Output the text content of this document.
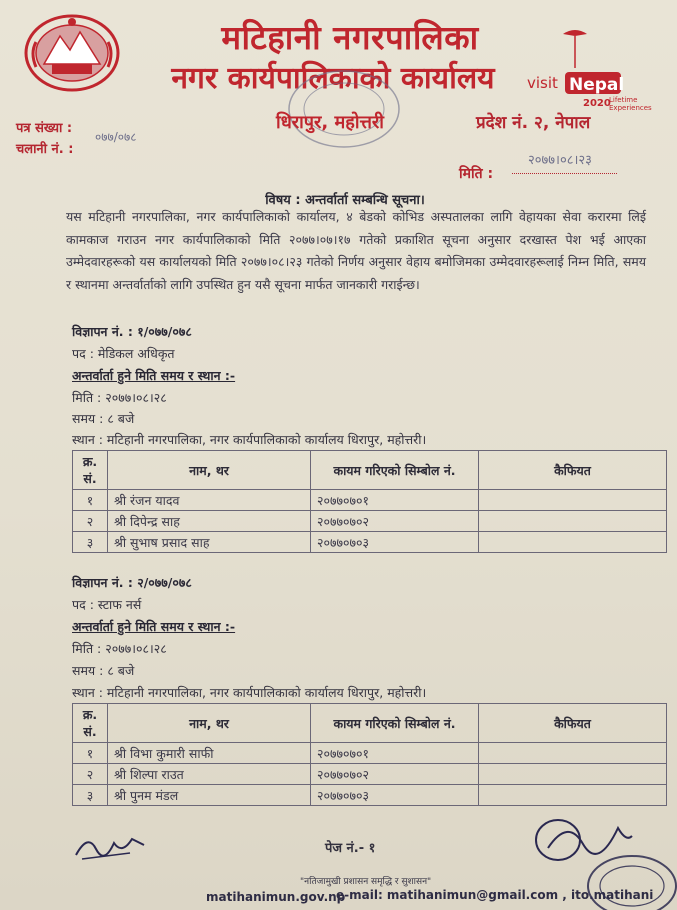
मटिहानी नगरपालिका
नगर कार्यपालिकाको कार्यालय
धिरापुर, महोत्तरी
visit Nepal
2020
Lifetime
Experiences
पत्र संख्या :
०७७/०७८
चलानी नं. :
प्रदेश नं. २, नेपाल
मिति :
२०७७।०८।२३
विषय : अन्तर्वार्ता सम्बन्धि सूचना।
यस मटिहानी नगरपालिका, नगर कार्यपालिकाको कार्यालय, ४ बेडको कोभिड अस्पतालका लागि वेहायका सेवा करारमा लिई कामकाज गराउन नगर कार्यपालिकाको मिति २०७७।०७।१७ गतेको प्रकाशित सूचना अनुसार दरखास्त पेश भई आएका उम्मेदवारहरूको यस कार्यालयको मिति २०७७।०८।२३ गतेको निर्णय अनुसार वेहाय बमोजिमका उम्मेदवारहरूलाई निम्न मिति, समय र स्थानमा अन्तर्वार्ताको लागि उपस्थित हुन यसै सूचना मार्फत जानकारी गराईन्छ।
विज्ञापन नं. : १/०७७/०७८
पद : मेडिकल अधिकृत
अन्तर्वार्ता हुने मिति समय र स्थान :-
मिति : २०७७।०८।२८
समय : ८ बजे
स्थान : मटिहानी नगरपालिका, नगर कार्यपालिकाको कार्यालय धिरापुर, महोत्तरी।
क्र. सं.	नाम, थर	कायम गरिएको सिम्बोल नं.	कैफियत
१	श्री रंजन यादव	२०७७०७०१	
२	श्री दिपेन्द्र साह	२०७७०७०२	
३	श्री सुभाष प्रसाद साह	२०७७०७०३	
विज्ञापन नं. : २/०७७/०७८
पद : स्टाफ नर्स
अन्तर्वार्ता हुने मिति समय र स्थान :-
मिति : २०७७।०८।२८
समय : ८ बजे
स्थान : मटिहानी नगरपालिका, नगर कार्यपालिकाको कार्यालय धिरापुर, महोत्तरी।
क्र. सं.	नाम, थर	कायम गरिएको सिम्बोल नं.	कैफियत
१	श्री विभा कुमारी साफी	२०७७०७०१	
२	श्री शिल्पा राउत	२०७७०७०२	
३	श्री पुनम मंडल	२०७७०७०३	
पेज नं.- १
"नतिजामुखी प्रशासन समृद्धि र सुशासन"
matihanimun.gov.np
e-mail: matihanimun@gmail.com , ito.matihani
